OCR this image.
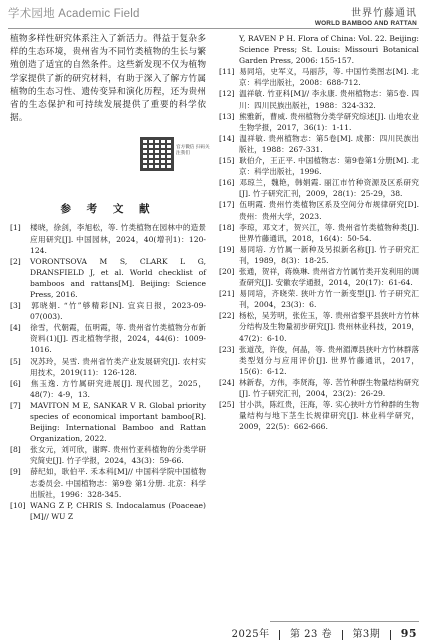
学术园地 Academic Field	世界竹藤通讯
WORLD BAMBOO AND RATTAN

植物多样性研究体系注入了新活力。得益于复杂多样的生态环境，贵州省为不同竹类植物的生长与繁殖创造了适宜的自然条件。这些新发现不仅为植物学家提供了新的研究材料，有助于深入了解方竹属植物的生态习性、遗传变异和演化历程，还为贵州省的生态保护和可持续发展提供了重要的科学依据。

官方微信 扫码关注我们
参 考 文 献
[1] 楼晓，徐剑，李旭松，等. 竹类植物在园林中的造景应用研究[J]. 中国园林，2024，40(增刊1)：120-124.
[2] VORONTSOVA M S, CLARK L G, DRANSFIELD J, et al. World checklist of bamboos and rattans[M]. Beijing: Science Press, 2016.
[3] 郭晓娟. “竹”够精彩[N]. 宜宾日报，2023-09-07(003).
[4] 徐雪，代朝霞，伍明霞，等. 贵州省竹类植物分布新资料(1)[J]. 西北植物学报，2024，44(6)：1009-1016.
[5] 况苏玲，吴雪. 贵州省竹类产业发展研究[J]. 农村实用技术，2019(11)：126-128.
[6] 焦玉逸. 方竹属研究进展[J]. 现代园艺，2025，48(7)：4-9，13.
[7] MAVITON M E, SANKAR V R. Global priority species of economical important bamboo[R]. Beijing: International Bamboo and Rattan Organization, 2022.
[8] 张女元，刘可欣，谢晖. 贵州竹亚科植物的分类学研究简史[J]. 竹子学报，2024，43(3)：59-66.
[9] 薛纪如，耿伯平. 禾本科[M]// 中国科学院中国植物志委员会. 中国植物志：第9卷 第1分册. 北京：科学出版社，1996：328-345.
[10] WANG Z P, CHRIS S. Indocalamus (Poaceae)[M]// WU Z

Y, RAVEN P H. Flora of China: Vol. 22. Beijing: Science Press; St. Louis: Missouri Botanical Garden Press, 2006: 155-157.

[11] 易同培，史军义，马丽莎，等. 中国竹类图志[M]. 北京：科学出版社，2008：688-712.
[12] 温祥敏. 竹亚科[M]// 李永康. 贵州植物志：第5卷. 四川：四川民族出版社，1988：324-332.
[13] 熊雅新，曹威. 贵州植物分类学研究综述[J]. 山地农业生物学报，2017，36(1)：1-11.
[14] 温祥敏. 贵州植物志：第5卷[M]. 成都：四川民族出版社，1988：267-331.
[15] 耿伯介，王正平. 中国植物志：第9卷第1分册[M]. 北京：科学出版社，1996.
[16] 邓琼兰，魏艳，韩娟霞. 丽江市竹种资源及区系研究[J]. 竹子研究汇刊，2009，28(1)：25-29，38.
[17] 伍明霞. 贵州竹类植物区系及空间分布规律研究[D]. 贵州：贵州大学，2023.
[18] 李琼，邓文才，贺兴江，等. 贵州省竹类植物种类[J]. 世界竹藤通讯，2018，16(4)：50-54.
[19] 易同培. 方竹属一新种及另拟新名称[J]. 竹子研究汇刊，1989，8(3)：18-25.
[20] 张通，贺祥，蒋焕琳. 贵州省方竹属竹类开发利用的调查研究[J]. 安徽农学通报，2014，20(17)：61-64.
[21] 易同培，齐晓荣. 狭叶方竹一新变型[J]. 竹子研究汇刊，2004，23(3)：6.
[22] 杨松，吴芳明，张佐玉，等. 贵州省黎平县狭叶方竹林分结构及生物量初步研究[J]. 贵州林业科技，2019，47(2)：6-10.
[23] 张道茂，许俊，何晶，等. 贵州湄潭县狭叶方竹林群落类型划分与应用评价[J]. 世界竹藤通讯，2017，15(6)：6-12.
[24] 林新春，方伟，李贤海，等. 苦竹种群生物量结构研究[J]. 竹子研究汇刊，2004，23(2)：26-29.
[25] 甘小洪，陈红贵，汪海，等. 实心狭叶方竹种群的生物量结构与地下茎生长规律研究[J]. 林业科学研究，2009，22(5)：662-666.
2025年 第 23 卷 第3期 95
